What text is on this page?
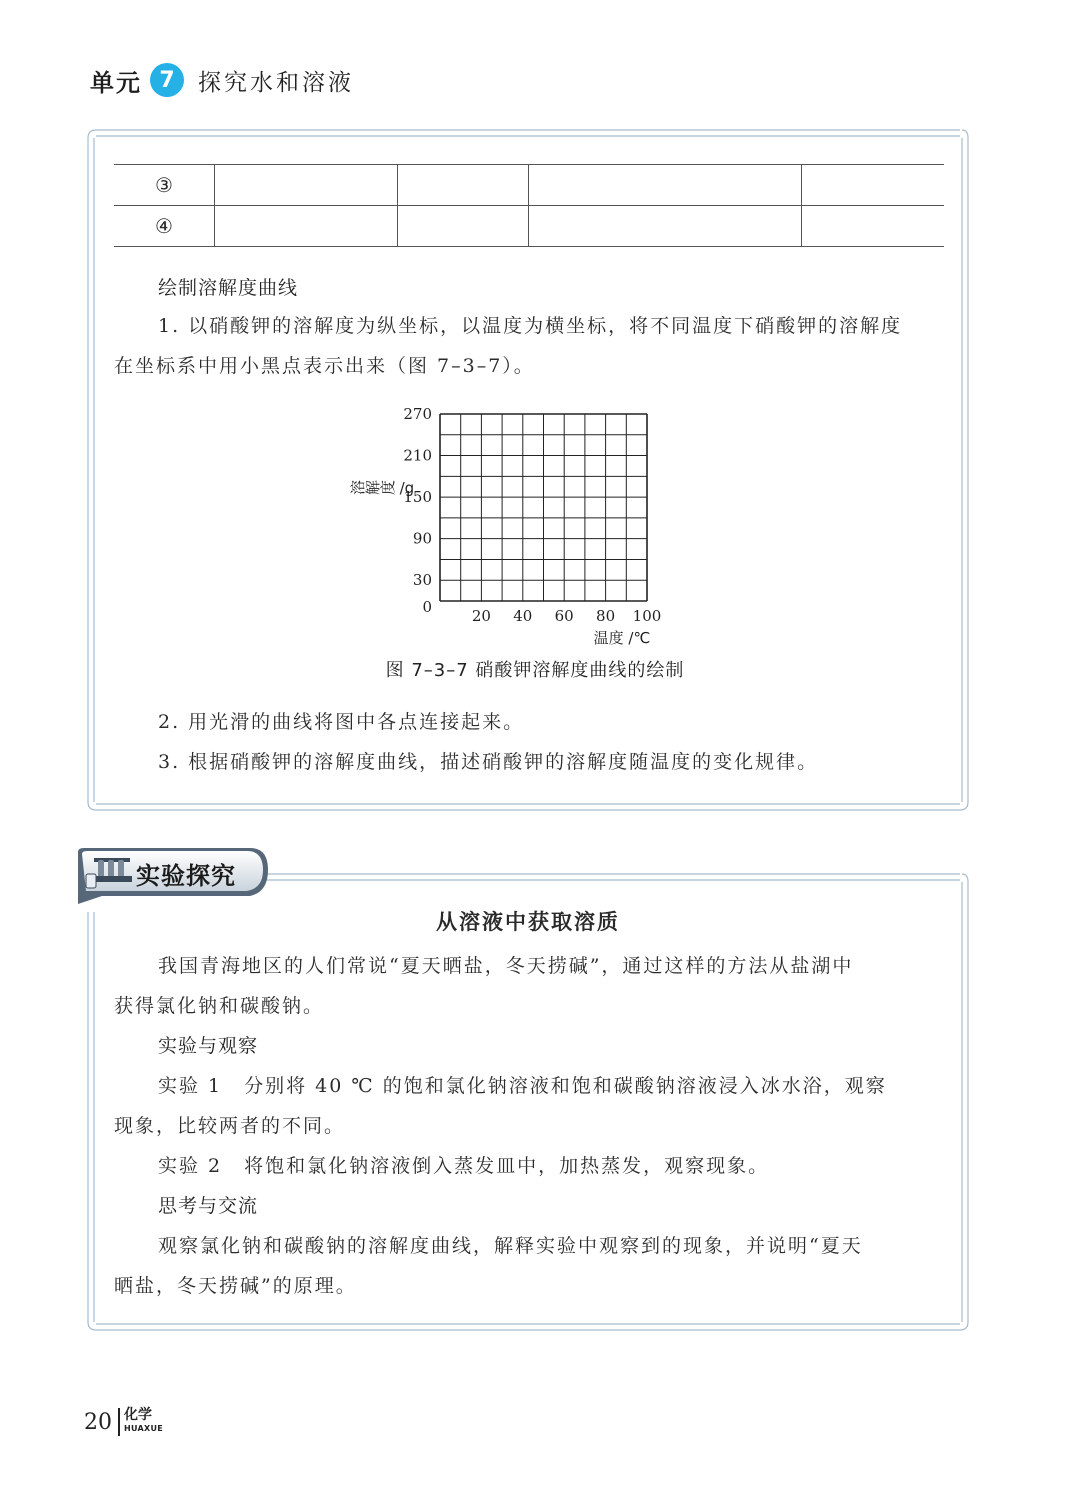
单元 7	探究水和溶液
③				
④				
绘制溶解度曲线
1. 以硝酸钾的溶解度为纵坐标，以温度为横坐标，将不同温度下硝酸钾的溶解度
在坐标系中用小黑点表示出来（图 7–3–7）。
0
30
90
150
210
270
20 40 60 80 100
溶解度 /g
温度 /℃
图 7–3–7 硝酸钾溶解度曲线的绘制
2. 用光滑的曲线将图中各点连接起来。
3. 根据硝酸钾的溶解度曲线，描述硝酸钾的溶解度随温度的变化规律。
实验探究
从溶液中获取溶质
我国青海地区的人们常说“夏天晒盐，冬天捞碱”，通过这样的方法从盐湖中
获得氯化钠和碳酸钠。
实验与观察
实验 1 分别将 40 ℃ 的饱和氯化钠溶液和饱和碳酸钠溶液浸入冰水浴，观察
现象，比较两者的不同。
实验 2 将饱和氯化钠溶液倒入蒸发皿中，加热蒸发，观察现象。
思考与交流
观察氯化钠和碳酸钠的溶解度曲线，解释实验中观察到的现象，并说明“夏天
晒盐，冬天捞碱”的原理。
20 化学
HUAXUE
